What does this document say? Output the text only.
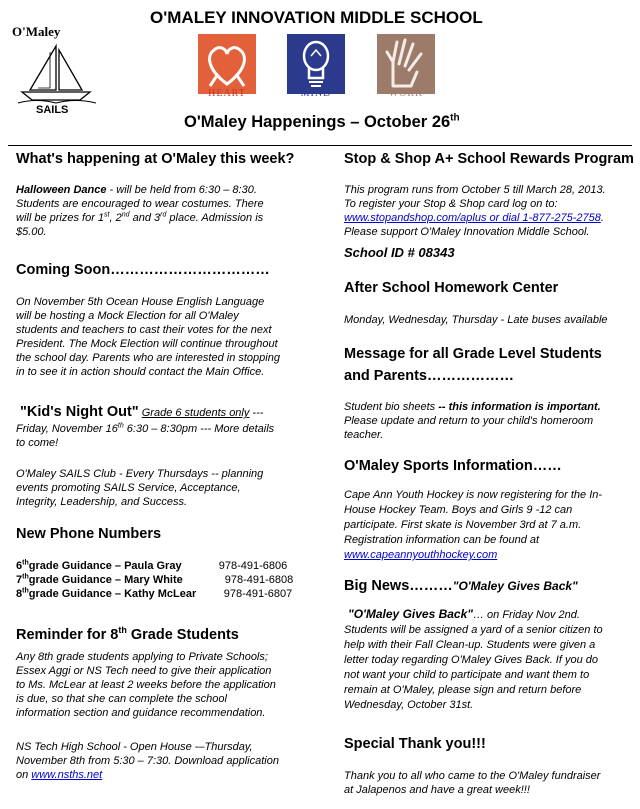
O'MALEY INNOVATION MIDDLE SCHOOL
O'Maley
SAILS
HEART	MIND	WORK
O'Maley Happenings – October 26th
What's happening at O'Maley this week?
Halloween Dance - will be held from 6:30 – 8:30.
Students are encouraged to wear costumes. There
will be prizes for 1st, 2nd and 3rd place. Admission is
$5.00.
Coming Soon……………………………
On November 5th Ocean House English Language
will be hosting a Mock Election for all O'Maley
students and teachers to cast their votes for the next
President. The Mock Election will continue throughout
the school day. Parents who are interested in stopping
in to see it in action should contact the Main Office.
"Kid's Night Out" Grade 6 students only ---
Friday, November 16th 6:30 – 8:30pm --- More details
to come!
O'Maley SAILS Club - Every Thursdays -- planning
events promoting SAILS Service, Acceptance,
Integrity, Leadership, and Success.
New Phone Numbers
6thgrade Guidance – Paula Gray	978-491-6806
7thgrade Guidance – Mary White	978-491-6808
8thgrade Guidance – Kathy McLear	978-491-6807
Reminder for 8th Grade Students
Any 8th grade students applying to Private Schools;
Essex Aggi or NS Tech need to give their application
to Ms. McLear at least 2 weeks before the application
is due, so that she can complete the school
information section and guidance recommendation.
NS Tech High School - Open House -–Thursday,
November 8th from 5:30 – 7:30. Download application
on www.nsths.net
Stop & Shop A+ School Rewards Program
This program runs from October 5 till March 28, 2013.
To register your Stop & Shop card log on to:
www.stopandshop.com/aplus or dial 1-877-275-2758.
Please support O'Maley Innovation Middle School.
School ID # 08343
After School Homework Center
Monday, Wednesday, Thursday - Late buses available
Message for all Grade Level Students
and Parents………………
Student bio sheets -- this information is important.
Please update and return to your child's homeroom
teacher.
O'Maley Sports Information……
Cape Ann Youth Hockey is now registering for the In-
House Hockey Team. Boys and Girls 9 -12 can
participate. First skate is November 3rd at 7 a.m.
Registration information can be found at
www.capeannyouthhockey.com
Big News………"O'Maley Gives Back"
"O'Maley Gives Back"… on Friday Nov 2nd.
Students will be assigned a yard of a senior citizen to
help with their Fall Clean-up. Students were given a
letter today regarding O'Maley Gives Back. If you do
not want your child to participate and want them to
remain at O'Maley, please sign and return before
Wednesday, October 31st.
Special Thank you!!!
Thank you to all who came to the O'Maley fundraiser
at Jalapenos and have a great week!!!
